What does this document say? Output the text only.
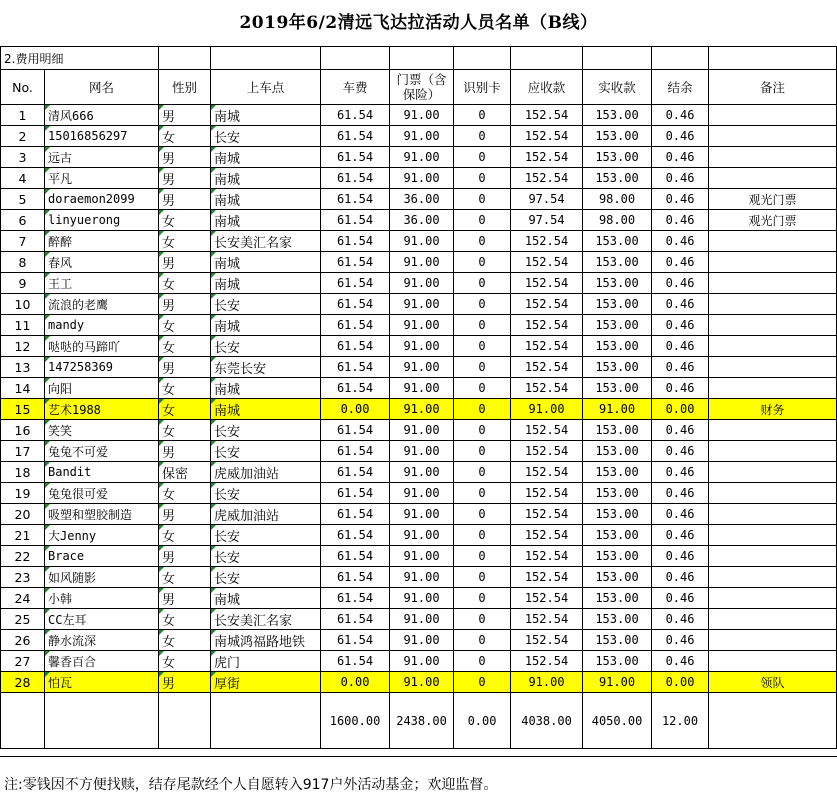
2019年6/2清远飞达拉活动人员名单（B线）
2.费用明细										
No.	网名	性别	上车点	车费	门票（含保险）	识别卡	应收款	实收款	结余	备注
1	清风666	男	南城	61.54	91.00	0	152.54	153.00	0.46	
2	15016856297	女	长安	61.54	91.00	0	152.54	153.00	0.46	
3	远古	男	南城	61.54	91.00	0	152.54	153.00	0.46	
4	平凡	男	南城	61.54	91.00	0	152.54	153.00	0.46	
5	doraemon2099	男	南城	61.54	36.00	0	97.54	98.00	0.46	观光门票
6	linyuerong	女	南城	61.54	36.00	0	97.54	98.00	0.46	观光门票
7	醉醉	女	长安美汇名家	61.54	91.00	0	152.54	153.00	0.46	
8	春风	男	南城	61.54	91.00	0	152.54	153.00	0.46	
9	王工	女	南城	61.54	91.00	0	152.54	153.00	0.46	
10	流浪的老鹰	男	长安	61.54	91.00	0	152.54	153.00	0.46	
11	mandy	女	南城	61.54	91.00	0	152.54	153.00	0.46	
12	哒哒的马蹄吖	女	长安	61.54	91.00	0	152.54	153.00	0.46	
13	147258369	男	东莞长安	61.54	91.00	0	152.54	153.00	0.46	
14	向阳	女	南城	61.54	91.00	0	152.54	153.00	0.46	
15	艺术1988	女	南城	0.00	91.00	0	91.00	91.00	0.00	财务
16	笑笑	女	长安	61.54	91.00	0	152.54	153.00	0.46	
17	兔兔不可爱	男	长安	61.54	91.00	0	152.54	153.00	0.46	
18	Bandit	保密	虎威加油站	61.54	91.00	0	152.54	153.00	0.46	
19	兔兔很可爱	女	长安	61.54	91.00	0	152.54	153.00	0.46	
20	吸塑和塑胶制造	男	虎威加油站	61.54	91.00	0	152.54	153.00	0.46	
21	大Jenny	女	长安	61.54	91.00	0	152.54	153.00	0.46	
22	Brace	男	长安	61.54	91.00	0	152.54	153.00	0.46	
23	如风随影	女	长安	61.54	91.00	0	152.54	153.00	0.46	
24	小韩	男	南城	61.54	91.00	0	152.54	153.00	0.46	
25	CC左耳	女	长安美汇名家	61.54	91.00	0	152.54	153.00	0.46	
26	静水流深	女	南城鸿福路地铁	61.54	91.00	0	152.54	153.00	0.46	
27	馨香百合	女	虎门	61.54	91.00	0	152.54	153.00	0.46	
28	怕瓦	男	厚街	0.00	91.00	0	91.00	91.00	0.00	领队
				1600.00	2438.00	0.00	4038.00	4050.00	12.00	
注:零钱因不方便找赎，结存尾款经个人自愿转入917户外活动基金；欢迎监督。
